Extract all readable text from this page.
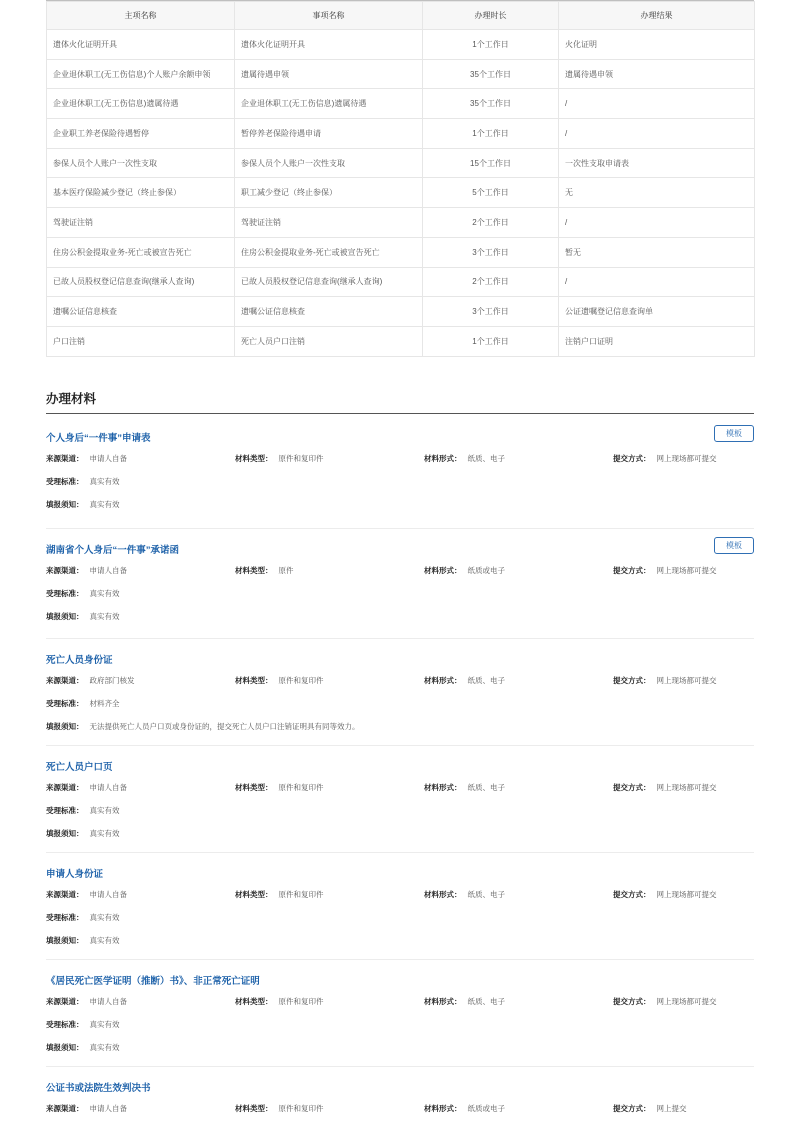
主项名称	事项名称	办理时长	办理结果
遗体火化证明开具	遗体火化证明开具	1个工作日	火化证明
企业退休职工(无工伤信息)个人账户余额申领	遗属待遇申领	35个工作日	遗属待遇申领
企业退休职工(无工伤信息)遗属待遇	企业退休职工(无工伤信息)遗属待遇	35个工作日	/
企业职工养老保险待遇暂停	暂停养老保险待遇申请	1个工作日	/
参保人员个人账户一次性支取	参保人员个人账户一次性支取	15个工作日	一次性支取申请表
基本医疗保险减少登记（终止参保）	职工减少登记（终止参保）	5个工作日	无
驾驶证注销	驾驶证注销	2个工作日	/
住房公积金提取业务-死亡或被宣告死亡	住房公积金提取业务-死亡或被宣告死亡	3个工作日	暂无
已故人员股权登记信息查询(继承人查询)	已故人员股权登记信息查询(继承人查询)	2个工作日	/
遗嘱公证信息核查	遗嘱公证信息核查	3个工作日	公证遗嘱登记信息查询单
户口注销	死亡人员户口注销	1个工作日	注销户口证明
办理材料
个人身后“一件事”申请表	模板
来源渠道： 申请人自备	材料类型： 原件和复印件	材料形式： 纸质、电子	提交方式： 网上现场都可提交
受理标准： 真实有效
填报须知： 真实有效
湖南省个人身后“一件事”承诺函	模板
来源渠道： 申请人自备	材料类型： 原件	材料形式： 纸质或电子	提交方式： 网上现场都可提交
受理标准： 真实有效
填报须知： 真实有效
死亡人员身份证
来源渠道： 政府部门核发	材料类型： 原件和复印件	材料形式： 纸质、电子	提交方式： 网上现场都可提交
受理标准： 材料齐全
填报须知： 无法提供死亡人员户口页或身份证的，提交死亡人员户口注销证明具有同等效力。
死亡人员户口页
来源渠道： 申请人自备	材料类型： 原件和复印件	材料形式： 纸质、电子	提交方式： 网上现场都可提交
受理标准： 真实有效
填报须知： 真实有效
申请人身份证
来源渠道： 申请人自备	材料类型： 原件和复印件	材料形式： 纸质、电子	提交方式： 网上现场都可提交
受理标准： 真实有效
填报须知： 真实有效
《居民死亡医学证明（推断）书》、非正常死亡证明
来源渠道： 申请人自备	材料类型： 原件和复印件	材料形式： 纸质、电子	提交方式： 网上现场都可提交
受理标准： 真实有效
填报须知： 真实有效
公证书或法院生效判决书
来源渠道： 申请人自备	材料类型： 原件和复印件	材料形式： 纸质或电子	提交方式： 网上提交
